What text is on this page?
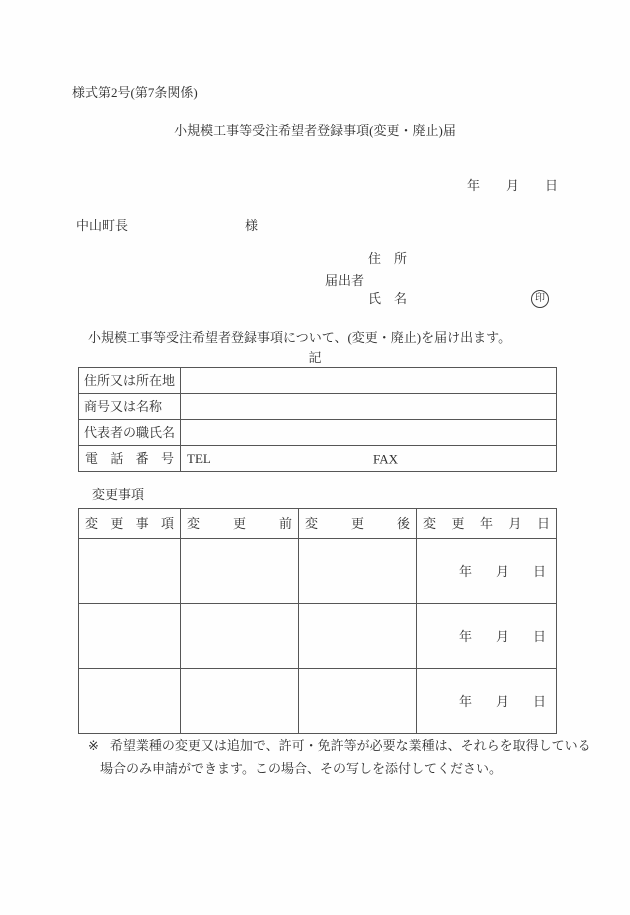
様式第2号(第7条関係)
小規模工事等受注希望者登録事項(変更・廃止)届
年 月 日
中山町長	様
住　所
届出者
氏　名	印
小規模工事等受注希望者登録事項について、(変更・廃止)を届け出ます。
記
住所又は所在地	
商号又は名称	
代表者の職氏名	
電話番号	TEL FAX
変更事項
変更事項	変更前	変更後	変更年月日

			年 月 日

			年 月 日

			年 月 日
※ 希望業種の変更又は追加で、許可・免許等が必要な業種は、それらを取得している
場合のみ申請ができます。この場合、その写しを添付してください。
